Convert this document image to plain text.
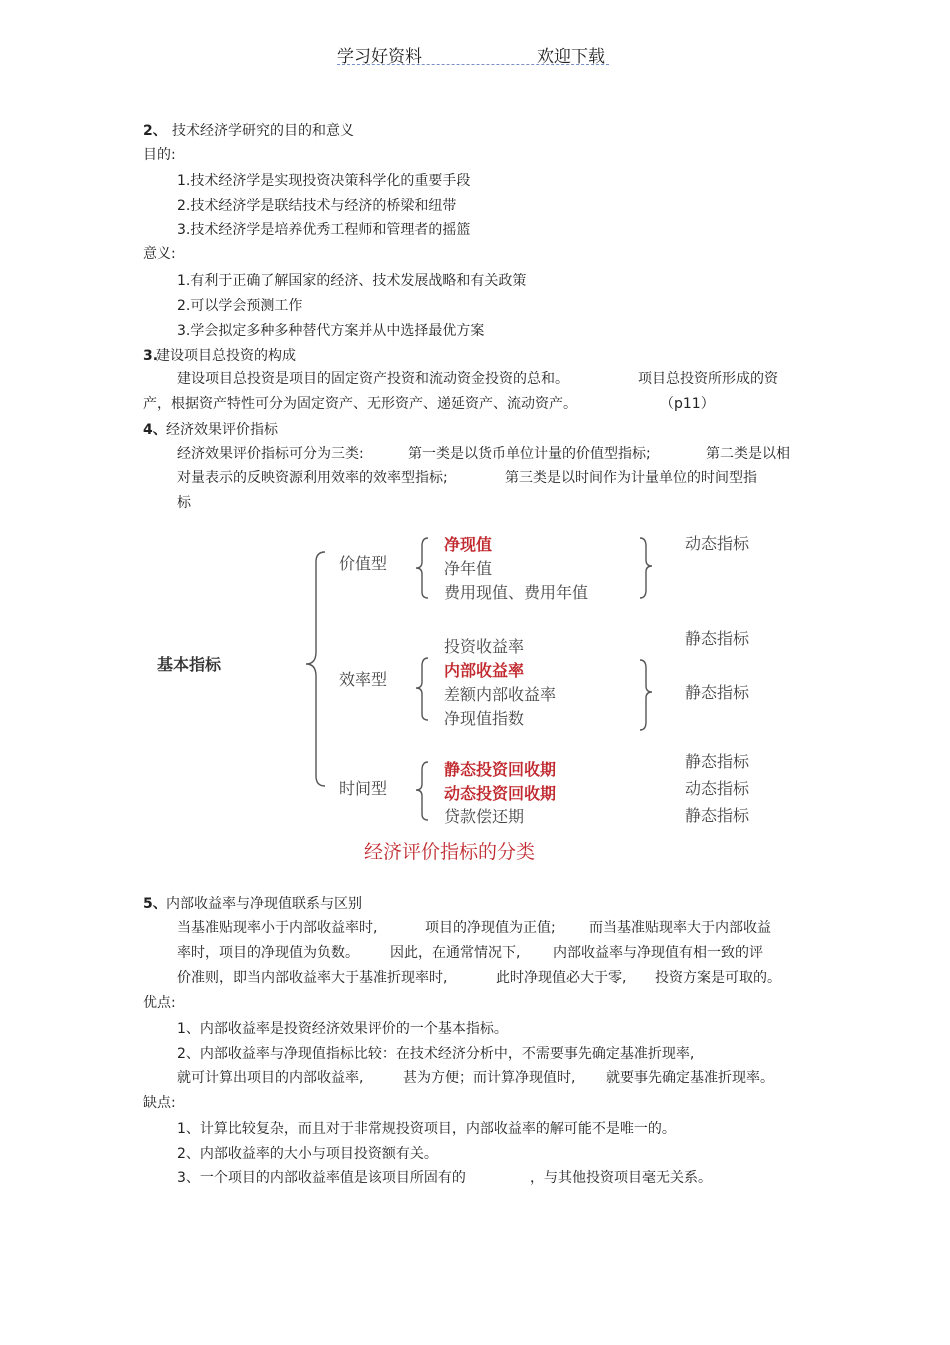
学习好资料	欢迎下载
2、 技术经济学研究的目的和意义
目的:
1.技术经济学是实现投资决策科学化的重要手段
2.技术经济学是联结技术与经济的桥梁和纽带
3.技术经济学是培养优秀工程师和管理者的摇篮
意义:
1.有利于正确了解国家的经济、技术发展战略和有关政策
2.可以学会预测工作
3.学会拟定多种多种替代方案并从中选择最优方案
3.
建设项目总投资的构成
建设项目总投资是项目的固定资产投资和流动资金投资的总和。	项目总投资所形成的资
产，根据资产特性可分为固定资产、无形资产、递延资产、流动资产。	（p11）
4、 经济效果评价指标
经济效果评价指标可分为三类:	第一类是以货币单位计量的价值型指标;	第二类是以相
对量表示的反映资源利用效率的效率型指标;	第三类是以时间作为计量单位的时间型指
标
基本指标
价值型
效率型
时间型
净现值
净年值
费用现值、费用年值
投资收益率
内部收益率
差额内部收益率
净现值指数
静态投资回收期
动态投资回收期
贷款偿还期
动态指标
静态指标
静态指标
静态指标
动态指标
静态指标
经济评价指标的分类
5、 内部收益率与净现值联系与区别
当基准贴现率小于内部收益率时,	项目的净现值为正值; 而当基准贴现率大于内部收益
率时，项目的净现值为负数。 因此，在通常情况下, 内部收益率与净现值有相一致的评
价准则，即当内部收益率大于基准折现率时,	此时净现值必大于零, 投资方案是可取的。
优点:
1、内部收益率是投资经济效果评价的一个基本指标。
2、内部收益率与净现值指标比较：在技术经济分析中，不需要事先确定基准折现率,
就可计算出项目的内部收益率,	甚为方便；而计算净现值时, 就要事先确定基准折现率。
缺点:
1、计算比较复杂，而且对于非常规投资项目，内部收益率的解可能不是唯一的。
2、内部收益率的大小与项目投资额有关。
3、一个项目的内部收益率值是该项目所固有的	，与其他投资项目毫无关系。
